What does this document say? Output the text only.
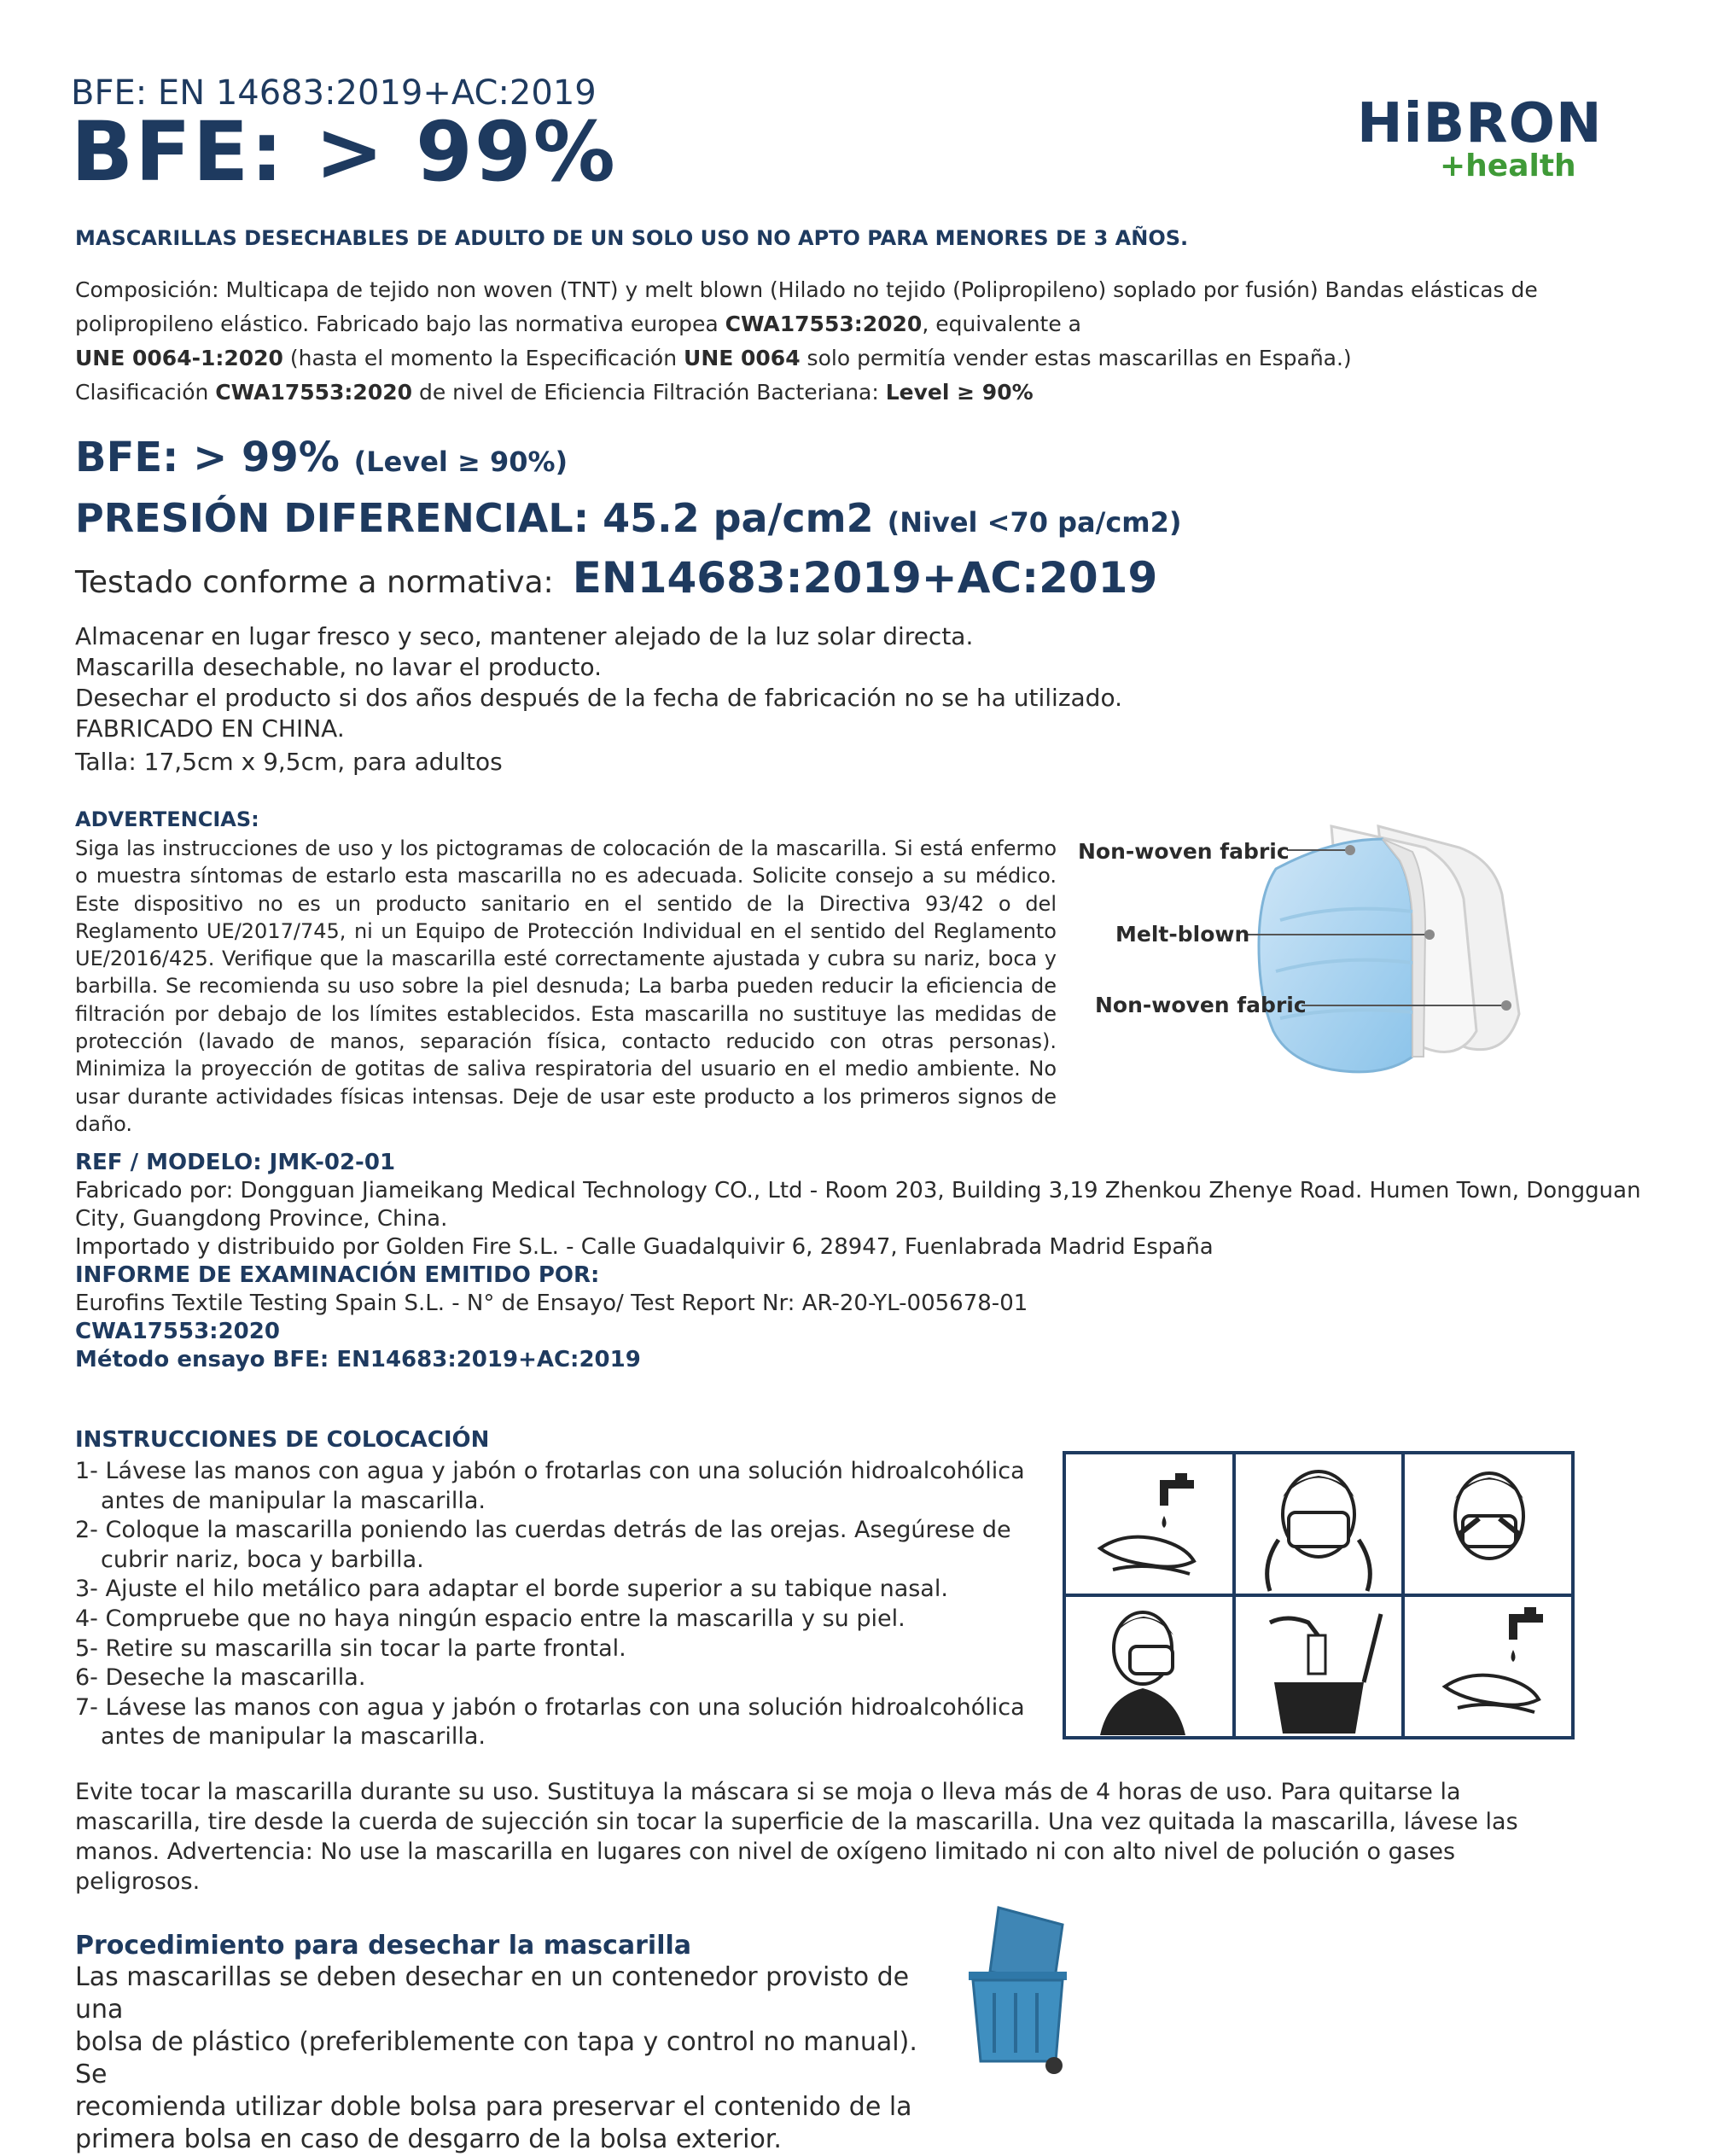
BFE: EN 14683:2019+AC:2019
BFE: > 99%	HiBRON
+health
MASCARILLAS DESECHABLES DE ADULTO DE UN SOLO USO NO APTO PARA MENORES DE 3 AÑOS.
Composición: Multicapa de tejido non woven (TNT) y melt blown (Hilado no tejido (Polipropileno) soplado por fusión) Bandas elásticas de
polipropileno elástico. Fabricado bajo las normativa europea CWA17553:2020, equivalente a
UNE 0064-1:2020 (hasta el momento la Especificación UNE 0064 solo permitía vender estas mascarillas en España.)
Clasificación CWA17553:2020 de nivel de Eficiencia Filtración Bacteriana: Level ≥ 90%
BFE: > 99% (Level ≥ 90%)
PRESIÓN DIFERENCIAL: 45.2 pa/cm2 (Nivel <70 pa/cm2)
Testado conforme a normativa: EN14683:2019+AC:2019
Almacenar en lugar fresco y seco, mantener alejado de la luz solar directa.
Mascarilla desechable, no lavar el producto.
Desechar el producto si dos años después de la fecha de fabricación no se ha utilizado.
FABRICADO EN CHINA.
Talla: 17,5cm x 9,5cm, para adultos
ADVERTENCIAS:
Siga las instrucciones de uso y los pictogramas de colocación de la mascarilla. Si está enfermo o muestra síntomas de estarlo esta mascarilla no es adecuada. Solicite consejo a su médico. Este dispositivo no es un producto sanitario en el sentido de la Directiva 93/42 o del Reglamento UE/2017/745, ni un Equipo de Protección Individual en el sentido del Reglamento UE/2016/425. Verifique que la mascarilla esté correctamente ajustada y cubra su nariz, boca y barbilla. Se recomienda su uso sobre la piel desnuda; La barba pueden reducir la eficiencia de filtración por debajo de los límites establecidos. Esta mascarilla no sustituye las medidas de protección (lavado de manos, separación física, contacto reducido con otras personas). Minimiza la proyección de gotitas de saliva respiratoria del usuario en el medio ambiente. No usar durante actividades físicas intensas. Deje de usar este producto a los primeros signos de daño.
Non-woven fabric
Melt-blown
Non-woven fabric
REF / MODELO: JMK-02-01
Fabricado por: Dongguan Jiameikang Medical Technology CO., Ltd - Room 203, Building 3,19 Zhenkou Zhenye Road. Humen Town, Dongguan
City, Guangdong Province, China.
Importado y distribuido por Golden Fire S.L. - Calle Guadalquivir 6, 28947, Fuenlabrada Madrid España
INFORME DE EXAMINACIÓN EMITIDO POR:
Eurofins Textile Testing Spain S.L. - N° de Ensayo/ Test Report Nr: AR-20-YL-005678-01
CWA17553:2020
Método ensayo BFE: EN14683:2019+AC:2019
INSTRUCCIONES DE COLOCACIÓN
1- Lávese las manos con agua y jabón o frotarlas con una solución hidroalcohólica
antes de manipular la mascarilla.
2- Coloque la mascarilla poniendo las cuerdas detrás de las orejas. Asegúrese de
cubrir nariz, boca y barbilla.
3- Ajuste el hilo metálico para adaptar el borde superior a su tabique nasal.
4- Compruebe que no haya ningún espacio entre la mascarilla y su piel.
5- Retire su mascarilla sin tocar la parte frontal.
6- Deseche la mascarilla.
7- Lávese las manos con agua y jabón o frotarlas con una solución hidroalcohólica
antes de manipular la mascarilla.
Evite tocar la mascarilla durante su uso. Sustituya la máscara si se moja o lleva más de 4 horas de uso. Para quitarse la mascarilla, tire desde la cuerda de sujección sin tocar la superficie de la mascarilla. Una vez quitada la mascarilla, lávese las manos. Advertencia: No use la mascarilla en lugares con nivel de oxígeno limitado ni con alto nivel de polución o gases peligrosos.
Procedimiento para desechar la mascarilla
Las mascarillas se deben desechar en un contenedor provisto de una
bolsa de plástico (preferiblemente con tapa y control no manual). Se
recomienda utilizar doble bolsa para preservar el contenido de la
primera bolsa en caso de desgarro de la bolsa exterior.
